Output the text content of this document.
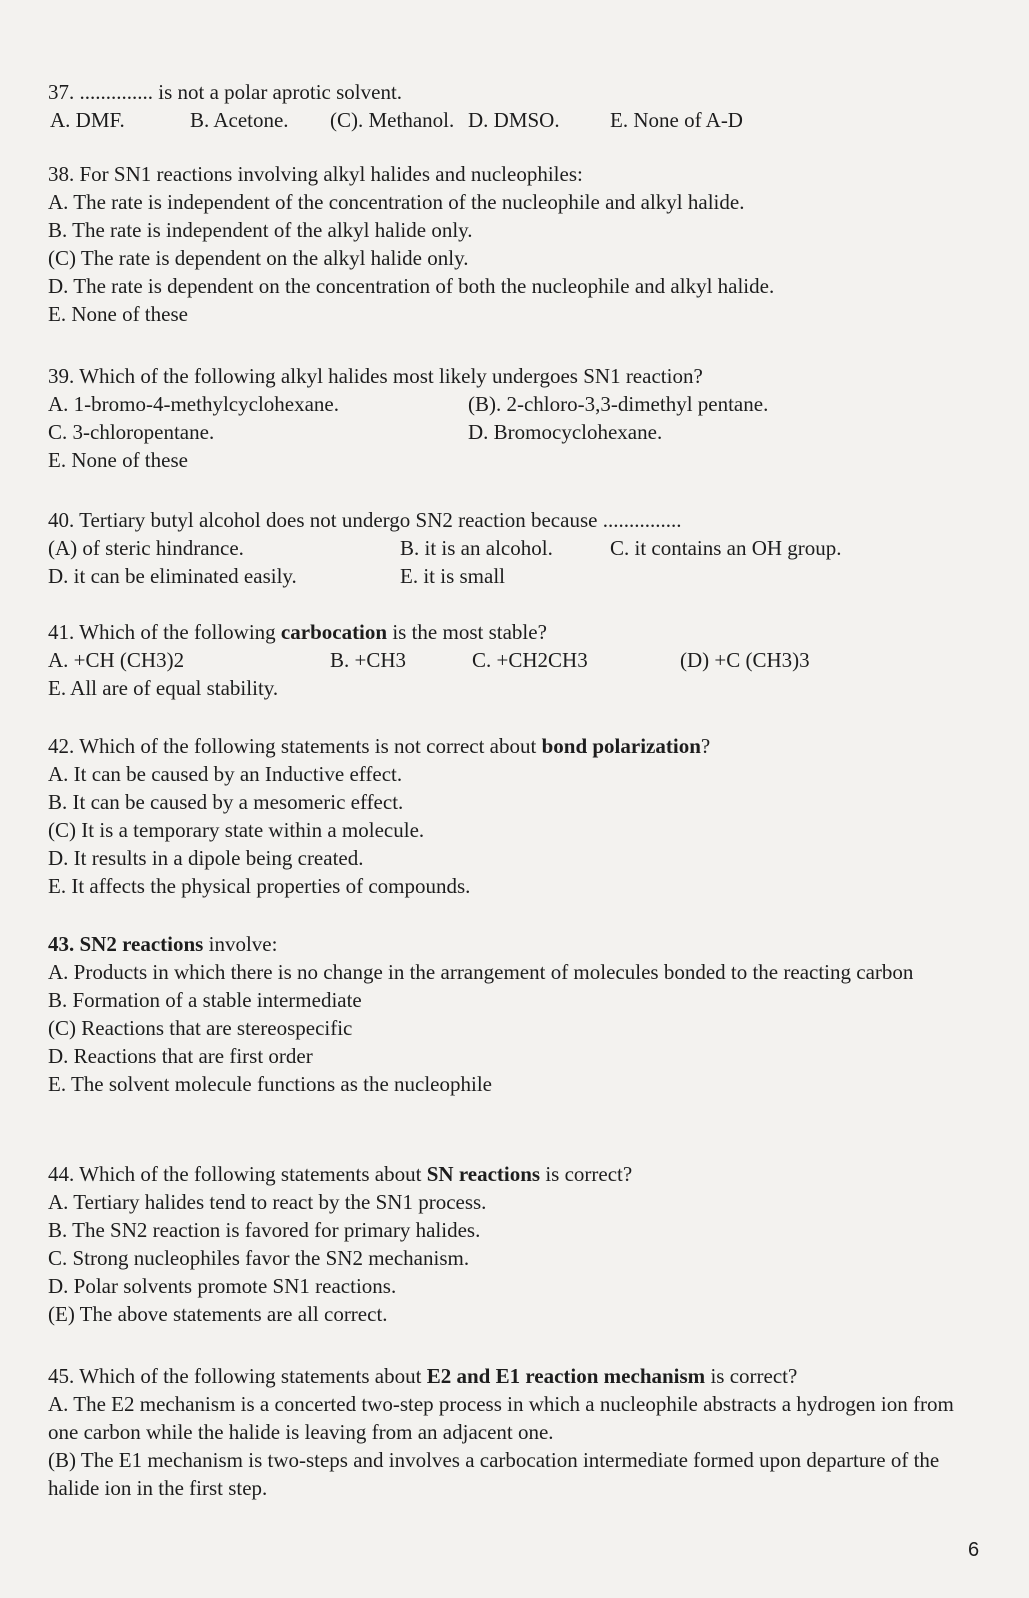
37. .............. is not a polar aprotic solvent.
A. DMF.	B. Acetone. (C). Methanol. D. DMSO. E. None of A-D
38. For SN1 reactions involving alkyl halides and nucleophiles:
A. The rate is independent of the concentration of the nucleophile and alkyl halide.
B. The rate is independent of the alkyl halide only.
(C) The rate is dependent on the alkyl halide only.
D. The rate is dependent on the concentration of both the nucleophile and alkyl halide.
E. None of these
39. Which of the following alkyl halides most likely undergoes SN1 reaction?
A. 1-bromo-4-methylcyclohexane.	(B). 2-chloro-3,3-dimethyl pentane.
C. 3-chloropentane.	D. Bromocyclohexane.
E. None of these
40. Tertiary butyl alcohol does not undergo SN2 reaction because ...............
(A) of steric hindrance.	B. it is an alcohol.	C. it contains an OH group.
D. it can be eliminated easily.	E. it is small
41. Which of the following carbocation is the most stable?
A. +CH (CH3)2	B. +CH3	C. +CH2CH3	(D) +C (CH3)3
E. All are of equal stability.
42. Which of the following statements is not correct about bond polarization?
A. It can be caused by an Inductive effect.
B. It can be caused by a mesomeric effect.
(C) It is a temporary state within a molecule.
D. It results in a dipole being created.
E. It affects the physical properties of compounds.
43. SN2 reactions involve:
A. Products in which there is no change in the arrangement of molecules bonded to the reacting carbon
B. Formation of a stable intermediate
(C) Reactions that are stereospecific
D. Reactions that are first order
E. The solvent molecule functions as the nucleophile
44. Which of the following statements about SN reactions is correct?
A. Tertiary halides tend to react by the SN1 process.
B. The SN2 reaction is favored for primary halides.
C. Strong nucleophiles favor the SN2 mechanism.
D. Polar solvents promote SN1 reactions.
(E) The above statements are all correct.
45. Which of the following statements about E2 and E1 reaction mechanism is correct?
A. The E2 mechanism is a concerted two-step process in which a nucleophile abstracts a hydrogen ion from one carbon while the halide is leaving from an adjacent one.
(B) The E1 mechanism is two-steps and involves a carbocation intermediate formed upon departure of the halide ion in the first step.
6
